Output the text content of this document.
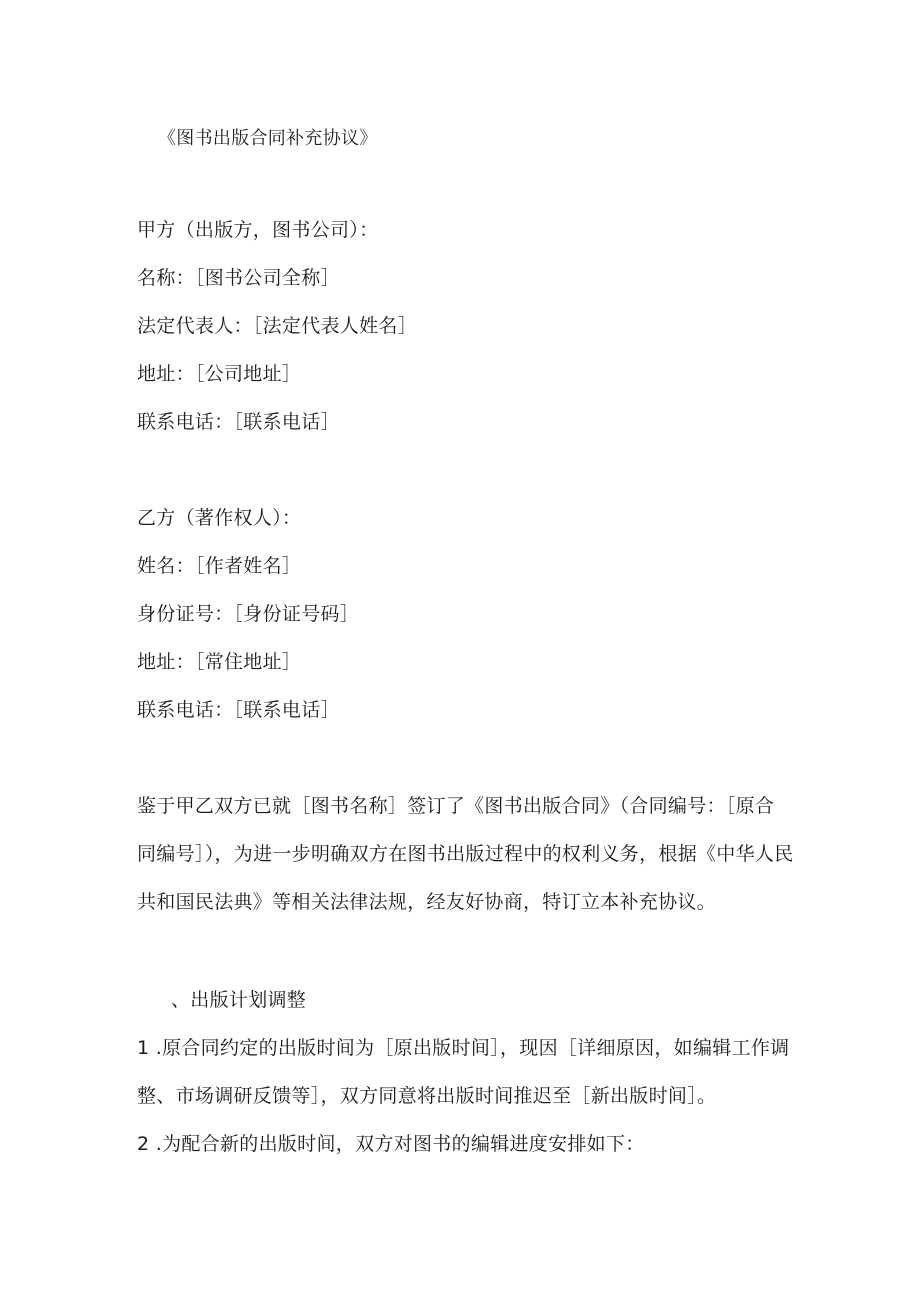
《图书出版合同补充协议》
甲方（出版方，图书公司）：
名称：［图书公司全称］
法定代表人：［法定代表人姓名］
地址：［公司地址］
联系电话：［联系电话］
乙方（著作权人）：
姓名：［作者姓名］
身份证号：［身份证号码］
地址：［常住地址］
联系电话：［联系电话］
鉴于甲乙双方已就［图书名称］签订了《图书出版合同》（合同编号：［原合
同编号］），为进一步明确双方在图书出版过程中的权利义务，根据《中华人民
共和国民法典》等相关法律法规，经友好协商，特订立本补充协议。
、出版计划调整
1 .原合同约定的出版时间为［原出版时间］，现因［详细原因，如编辑工作调
整、市场调研反馈等］，双方同意将出版时间推迟至［新出版时间］。
2 .为配合新的出版时间，双方对图书的编辑进度安排如下：
